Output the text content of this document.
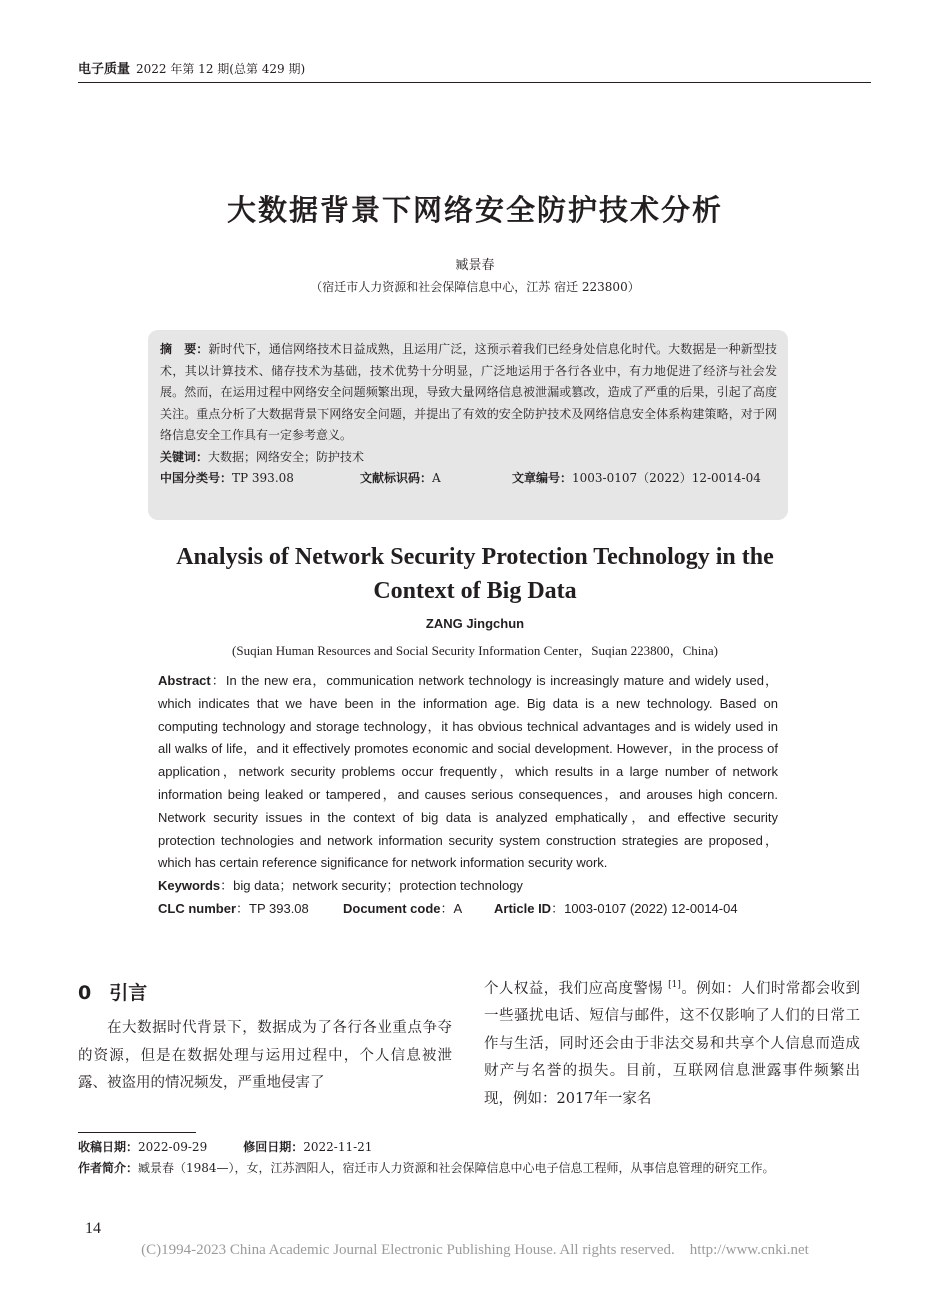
电子质量 2022 年第 12 期(总第 429 期)
大数据背景下网络安全防护技术分析
臧景春
（宿迁市人力资源和社会保障信息中心，江苏 宿迁 223800）

摘　要：新时代下，通信网络技术日益成熟，且运用广泛，这预示着我们已经身处信息化时代。大数据是一种新型技术，其以计算技术、储存技术为基础，技术优势十分明显，广泛地运用于各行各业中，有力地促进了经济与社会发展。然而，在运用过程中网络安全问题频繁出现，导致大量网络信息被泄漏或篡改，造成了严重的后果，引起了高度关注。重点分析了大数据背景下网络安全问题，并提出了有效的安全防护技术及网络信息安全体系构建策略，对于网络信息安全工作具有一定参考意义。

关键词：大数据；网络安全；防护技术
中国分类号：TP 393.08	文献标识码：A	文章编号：1003-0107（2022）12-0014-04
Analysis of Network Security Protection Technology in the
Context of Big Data
ZANG Jingchun
(Suqian Human Resources and Social Security Information Center，Suqian 223800，China)

Abstract：In the new era，communication network technology is increasingly mature and widely used，which indicates that we have been in the information age. Big data is a new technology. Based on computing technology and storage technology，it has obvious technical advantages and is widely used in all walks of life，and it effectively promotes economic and social development. However，in the process of application，network security problems occur frequently，which results in a large number of network information being leaked or tampered，and causes serious consequences，and arouses high concern. Network security issues in the context of big data is analyzed emphatically，and effective security protection technologies and network information security system construction strategies are proposed，which has certain reference significance for network information security work.

Keywords：big data；network security；protection technology
CLC number：TP 393.08	Document code：A	Article ID：1003-0107 (2022) 12-0014-04
0 引言

在大数据时代背景下，数据成为了各行各业重点争夺的资源，但是在数据处理与运用过程中，个人信息被泄露、被盗用的情况频发，严重地侵害了

个人权益，我们应高度警惕 [1]。例如：人们时常都会收到一些骚扰电话、短信与邮件，这不仅影响了人们的日常工作与生活，同时还会由于非法交易和共享个人信息而造成财产与名誉的损失。目前，互联网信息泄露事件频繁出现，例如：2017年一家名

收稿日期： 2022-09-29	修回日期： 2022-11-21
作者简介： 臧景春（1984—），女，江苏泗阳人，宿迁市人力资源和社会保障信息中心电子信息工程师，从事信息管理的研究工作。
14
(C)1994-2023 China Academic Journal Electronic Publishing House. All rights reserved.    http://www.cnki.net
